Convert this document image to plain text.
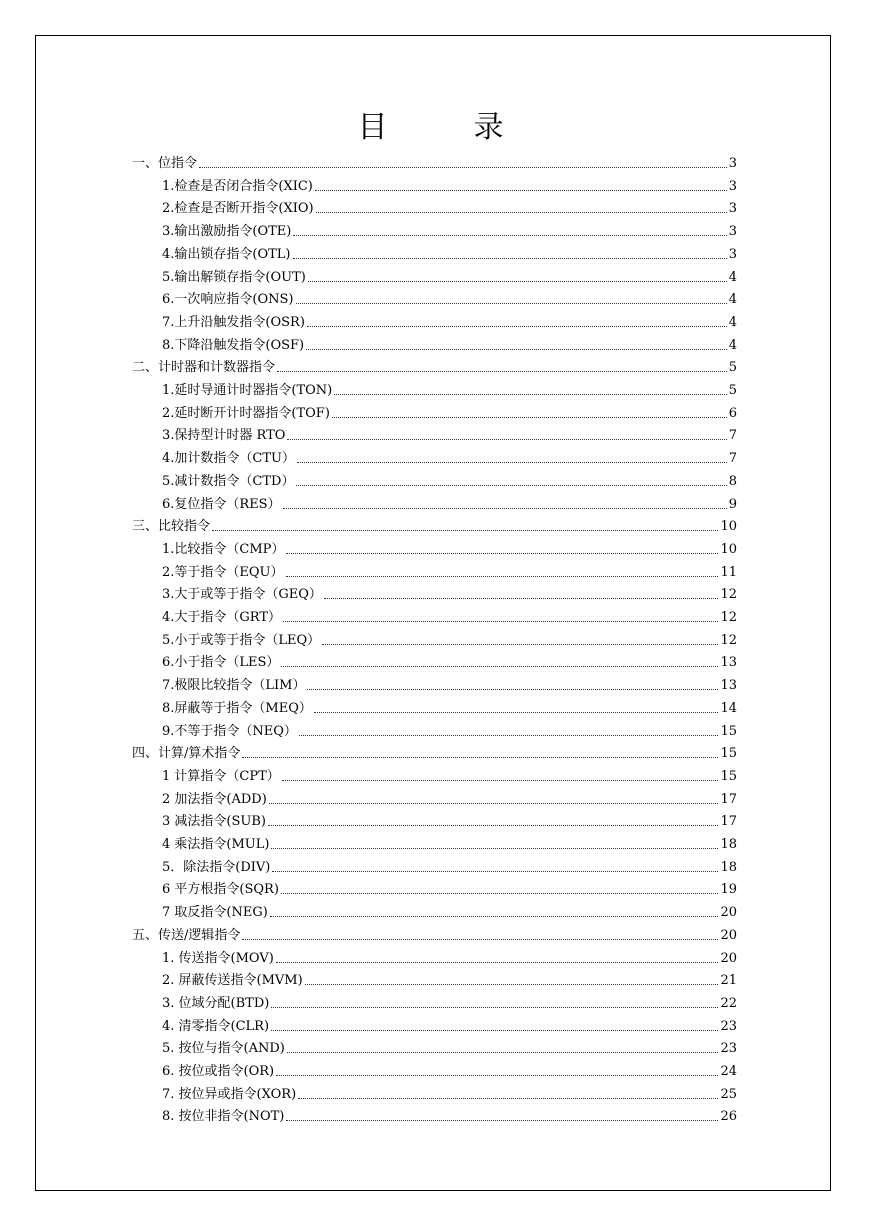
目　录
一、位指令	3
1.检查是否闭合指令(XIC)	3
2.检查是否断开指令(XIO)	3
3.输出激励指令(OTE)	3
4.输出锁存指令(OTL)	3
5.输出解锁存指令(OUT)	4
6.一次响应指令(ONS)	4
7.上升沿触发指令(OSR)	4
8.下降沿触发指令(OSF)	4
二、计时器和计数器指令	5
1.延时导通计时器指令(TON)	5
2.延时断开计时器指令(TOF)	6
3.保持型计时器 RTO	7
4.加计数指令（CTU）	7
5.减计数指令（CTD）	8
6.复位指令（RES）	9
三、比较指令	10
1.比较指令（CMP）	10
2.等于指令（EQU）	11
3.大于或等于指令（GEQ）	12
4.大于指令（GRT）	12
5.小于或等于指令（LEQ）	12
6.小于指令（LES）	13
7.极限比较指令（LIM）	13
8.屏蔽等于指令（MEQ）	14
9.不等于指令（NEQ）	15
四、计算/算术指令	15
1 计算指令（CPT）	15
2 加法指令(ADD)	17
3 减法指令(SUB)	17
4 乘法指令(MUL)	18
5．除法指令(DIV)	18
6 平方根指令(SQR)	19
7 取反指令(NEG)	20
五、传送/逻辑指令	20
1. 传送指令(MOV)	20
2. 屏蔽传送指令(MVM)	21
3. 位域分配(BTD)	22
4. 清零指令(CLR)	23
5. 按位与指令(AND)	23
6. 按位或指令(OR)	24
7. 按位异或指令(XOR)	25
8. 按位非指令(NOT)	26
